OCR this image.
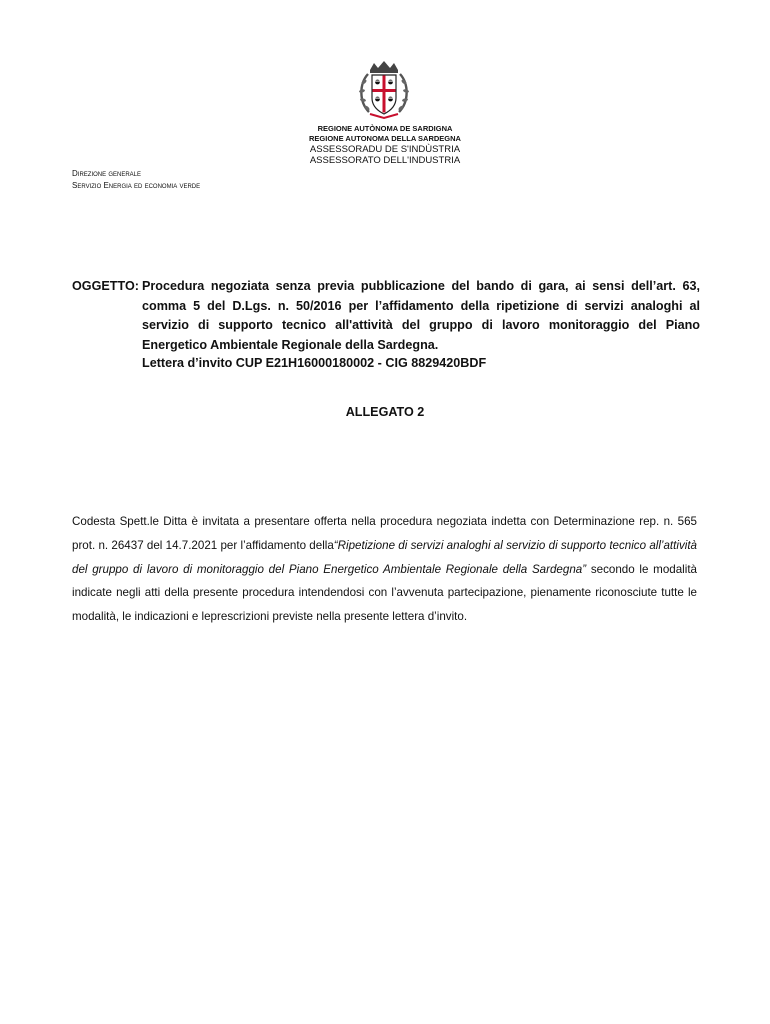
REGIONE AUTÒNOMA DE SARDIGNA
REGIONE AUTONOMA DELLA SARDEGNA
ASSESSORADU DE S'INDÙSTRIA
ASSESSORATO DELL'INDUSTRIA
Direzione generale
Servizio Energia ed economia verde
OGGETTO: Procedura negoziata senza previa pubblicazione del bando di gara, ai sensi dell’art. 63, comma 5 del D.Lgs. n. 50/2016 per l’affidamento della ripetizione di servizi analoghi al servizio di supporto tecnico all'attività del gruppo di lavoro monitoraggio del Piano Energetico Ambientale Regionale della Sardegna.
Lettera d’invito CUP E21H16000180002 - CIG 8829420BDF
ALLEGATO 2
Codesta Spett.le Ditta è invitata a presentare offerta nella procedura negoziata indetta con Determinazione rep. n. 565 prot. n. 26437 del 14.7.2021 per l’affidamento della“Ripetizione di servizi analoghi al servizio di supporto tecnico all’attività del gruppo di lavoro di monitoraggio del Piano Energetico Ambientale Regionale della Sardegna” secondo le modalità indicate negli atti della presente procedura intendendosi con l’avvenuta partecipazione, pienamente riconosciute tutte le modalità, le indicazioni e leprescrizioni previste nella presente lettera d’invito.
